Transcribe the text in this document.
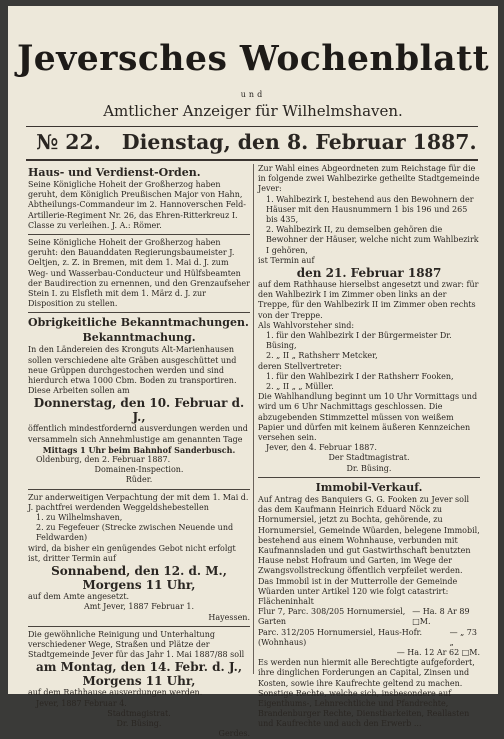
Jeversches Wochenblatt
und
Amtlicher Anzeiger für Wilhelmshaven.
№ 22. Dienstag, den 8. Februar 1887.
Haus- und Verdienst-Orden.

Seine Königliche Hoheit der Großherzog haben geruht, dem Königlich Preußischen Major von Hahn, Abtheilungs-Commandeur im 2. Hannoverschen Feld-Artillerie-Regiment Nr. 26, das Ehren-Ritterkreuz I. Classe zu verleihen. J. A.: Römer.

Seine Königliche Hoheit der Großherzog haben geruht: den Bauanddaten Regierungsbaumeister J. Oeltjen, z. Z. in Bremen, mit dem 1. Mai d. J. zum Weg- und Wasserbau-Conducteur und Hülfsbeamten der Baudirection zu ernennen, und den Grenzaufseher Stein I. zu Elsfleth mit dem 1. März d. J. zur Disposition zu stellen.

Obrigkeitliche Bekanntmachungen.
Bekanntmachung.

In den Ländereien des Kronguts Alt-Marienhausen sollen verschiedene alte Gräben ausgeschüttet und neue Grüppen durchgestochen werden und sind hierdurch etwa 1000 Cbm. Boden zu transportiren. Diese Arbeiten sollen am

Donnerstag, den 10. Februar d. J.,

öffentlich mindestfordernd ausverdungen werden und versammeln sich Annehmlustige am genannten Tage

Mittags 1 Uhr beim Bahnhof Sanderbusch.

Oldenburg, den 2. Februar 1887.

Domainen-Inspection.

Rüder.

Zur anderweitigen Verpachtung der mit dem 1. Mai d. J. pachtfrei werdenden Weggeldshebestellen

1. zu Wilhelmshaven,

2. zu Fegefeuer (Strecke zwischen Neuende und Feldwarden)

wird, da bisher ein genügendes Gebot nicht erfolgt ist, dritter Termin auf

Sonnabend, den 12. d. M.,
Morgens 11 Uhr,

auf dem Amte angesetzt.

Amt Jever, 1887 Februar 1.

Hayessen.

Die gewöhnliche Reinigung und Unterhaltung verschiedener Wege, Straßen und Plätze der Stadtgemeinde Jever für das Jahr 1. Mai 1887/88 soll

am Montag, den 14. Febr. d. J.,
Morgens 11 Uhr,

auf dem Rathhause ausverdungen werden.

Jever, 1887 Februar 4.

Stadtmagistrat.

Dr. Büsing.

Gerdes.

Zur Wahl eines Abgeordneten zum Reichstage für die in folgende zwei Wahlbezirke getheilte Stadtgemeinde Jever:

1. Wahlbezirk I, bestehend aus den Bewohnern der Häuser mit den Hausnummern 1 bis 196 und 265 bis 435,

2. Wahlbezirk II, zu demselben gehören die Bewohner der Häuser, welche nicht zum Wahlbezirk I gehören,

ist Termin auf

den 21. Februar 1887

auf dem Rathhause hierselbst angesetzt und zwar: für den Wahlbezirk I im Zimmer oben links an der Treppe, für den Wahlbezirk II im Zimmer oben rechts von der Treppe.

Als Wahlvorsteher sind:

1. für den Wahlbezirk I der Bürgermeister Dr. Büsing,

2. „ II „ Rathsherr Metcker,

deren Stellvertreter:

1. für den Wahlbezirk I der Rathsherr Fooken,

2. „ II „ „ Müller.

Die Wahlhandlung beginnt um 10 Uhr Vormittags und wird um 6 Uhr Nachmittags geschlossen. Die abzugebenden Stimmzettel müssen von weißem Papier und dürfen mit keinem äußeren Kennzeichen versehen sein.

Jever, den 4. Februar 1887.

Der Stadtmagistrat.

Dr. Büsing.

Immobil-Verkauf.

Auf Antrag des Banquiers G. G. Fooken zu Jever soll das dem Kaufmann Heinrich Eduard Nöck zu Hornumersiel, jetzt zu Bochta, gehörende, zu Hornumersiel, Gemeinde Wüarden, belegene Immobil, bestehend aus einem Wohnhause, verbunden mit Kaufmannsladen und gut Gastwirthschaft benutzten Hause nebst Hofraum und Garten, im Wege der Zwangsvollstreckung öffentlich verpfeilet werden.

Das Immobil ist in der Mutterrolle der Gemeinde Wüarden unter Artikel 120 wie folgt catastrirt: Flächeninhalt

Flur 7, Parc. 308/205 Hornumersiel, Garten
— Ha. 8 Ar 89 □M.
Parc. 312/205 Hornumersiel, Haus-Hofr. (Wohnhaus)
— „ 73 „
— Ha. 12 Ar 62 □M.

Es werden nun hiermit alle Berechtigte aufgefordert, ihre dinglichen Forderungen an Capital, Zinsen und Kosten, sowie ihre Kaufrechte geltend zu machen. Sonstige Rechte, welche sich, insbesondere auf Eigenthums-, Lehnrechtliche und Pfandrechte, Brandenburger Rechte, Dienstbarkeiten, Reallasten und Kaufrechte und auch den Erwerb ...
